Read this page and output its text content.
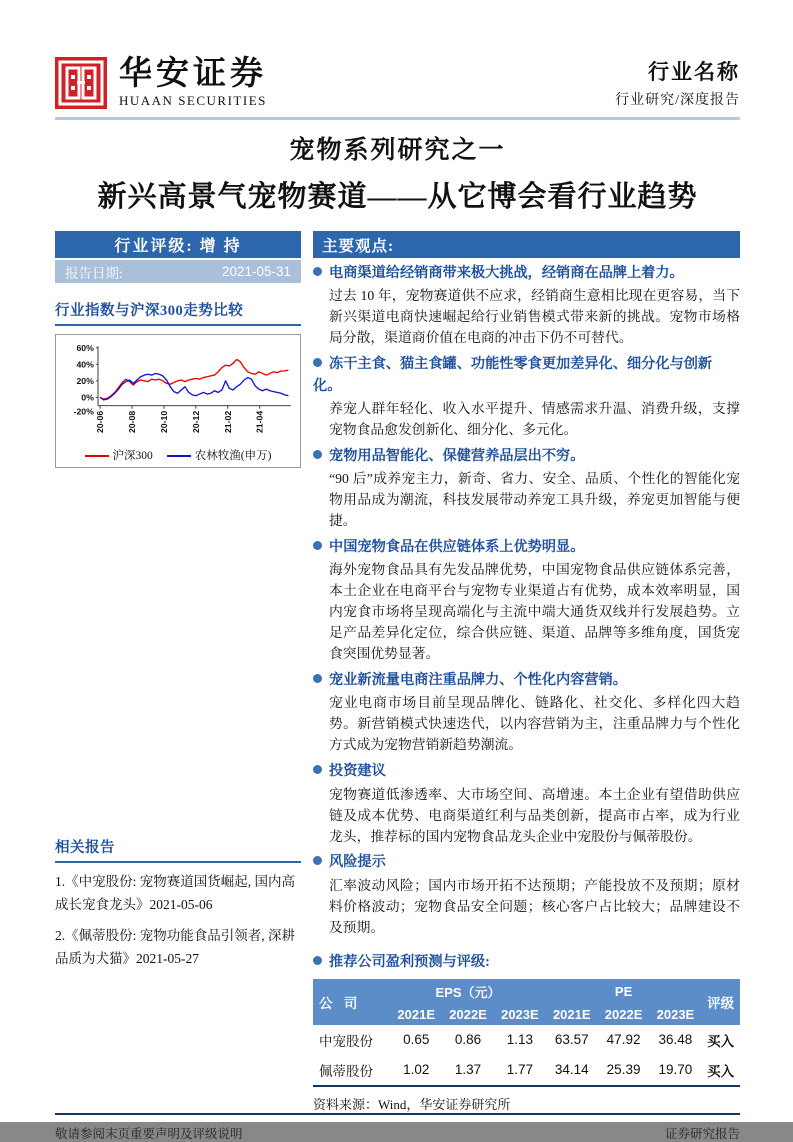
华安证券
HUAAN SECURITIES
行业名称
行业研究/深度报告
宠物系列研究之一
新兴高景气宠物赛道——从它博会看行业趋势
行业评级: 增 持
报告日期:	2021-05-31
行业指数与沪深300走势比较
60%
40%
20%
0%
-20% 20-06	20-08	20-10	20-12	21-02	21-04
沪深300	农林牧渔(申万)
相关报告
1.《中宠股份: 宠物赛道国货崛起, 国内高成长宠食龙头》2021-05-06
2.《佩蒂股份: 宠物功能食品引领者, 深耕品质为犬猫》2021-05-27
主要观点:
电商渠道给经销商带来极大挑战，经销商在品牌上着力。
过去 10 年，宠物赛道供不应求，经销商生意相比现在更容易，当下新兴渠道电商快速崛起给行业销售模式带来新的挑战。宠物市场格局分散，渠道商价值在电商的冲击下仍不可替代。
冻干主食、猫主食罐、功能性零食更加差异化、细分化与创新化。
养宠人群年轻化、收入水平提升、情感需求升温、消费升级，支撑宠物食品愈发创新化、细分化、多元化。
宠物用品智能化、保健营养品层出不穷。
“90 后”成养宠主力，新奇、省力、安全、品质、个性化的智能化宠物用品成为潮流，科技发展带动养宠工具升级，养宠更加智能与便捷。
中国宠物食品在供应链体系上优势明显。
海外宠物食品具有先发品牌优势，中国宠物食品供应链体系完善，本土企业在电商平台与宠物专业渠道占有优势，成本效率明显，国内宠食市场将呈现高端化与主流中端大通货双线并行发展趋势。立足产品差异化定位，综合供应链、渠道、品牌等多维角度，国货宠食突围优势显著。
宠业新流量电商注重品牌力、个性化内容营销。
宠业电商市场目前呈现品牌化、链路化、社交化、多样化四大趋势。新营销模式快速迭代，以内容营销为主，注重品牌力与个性化方式成为宠物营销新趋势潮流。
投资建议
宠物赛道低渗透率、大市场空间、高增速。本土企业有望借助供应链及成本优势、电商渠道红利与品类创新，提高市占率，成为行业龙头，推荐标的国内宠物食品龙头企业中宠股份与佩蒂股份。
风险提示
汇率波动风险；国内市场开拓不达预期；产能投放不及预期；原材料价格波动；宠物食品安全问题；核心客户占比较大；品牌建设不及预期。
推荐公司盈利预测与评级:
公 司	EPS（元）			PE			评级
	2021E	2022E	2023E	2021E	2022E	2023E	
中宠股份	0.65	0.86	1.13	63.57	47.92	36.48	买入
佩蒂股份	1.02	1.37	1.77	34.14	25.39	19.70	买入
资料来源：Wind，华安证券研究所
敬请参阅末页重要声明及评级说明	证券研究报告
